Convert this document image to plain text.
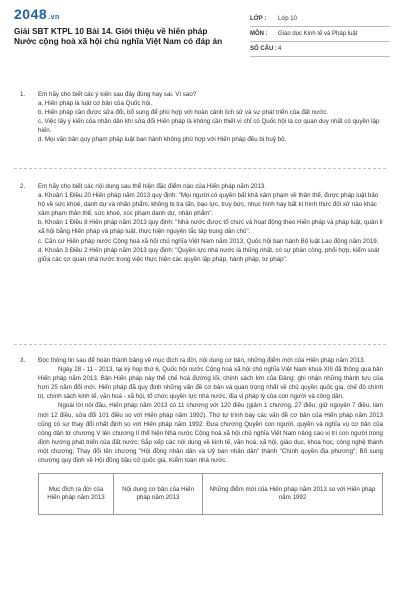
2048.vn
Giải SBT KTPL 10 Bài 14. Giới thiệu về hiến pháp Nước cộng hoà xã hội chủ nghĩa Việt Nam có đáp án
LỚP :	Lớp 10
MÔN :	Giáo dục Kinh tế và Pháp luật
SỐ CÂU : 4
1. Em hãy cho biết các ý kiến sau đây đúng hay sai. Vì sao?

a. Hiến pháp là luật cơ bản của Quốc hội.

b. Hiến pháp cần được sửa đổi, bổ sung để phù hợp với hoàn cảnh lịch sử và sự phát triển của đất nước.

c. Việc lấy ý kiến của nhân dân khi sửa đổi Hiến pháp là không cần thiết vì chỉ có Quốc hội là cơ quan duy nhất có quyền lập hiến.

d. Mọi văn bản quy phạm pháp luật ban hành không phù hợp với Hiến pháp đều bị huỷ bỏ.

2. Em hãy cho biết các nội dung sau thể hiện đặc điểm nào của Hiến pháp năm 2013.

a. Khoản 1 Điều 20 Hiến pháp năm 2013 quy định: "Mọi người có quyền bất khả xâm phạm về thân thể, được pháp luật bảo hộ về sức khoẻ, danh dự và nhân phẩm, không bị tra tấn, bạo lực, truy bức, nhục hình hay bất kì hình thức đối xử nào khác xâm phạm thân thể, sức khoẻ, xúc phạm danh dự, nhân phẩm".

b. Khoản 1 Điều 8 Hiến pháp năm 2013 quy định: "Nhà nước được tổ chức và hoạt động theo Hiến pháp và pháp luật, quản lí xã hội bằng Hiến pháp và pháp luật, thực hiện nguyên tắc tập trung dân chủ".

c. Căn cứ Hiến pháp nước Cộng hoà xã hội chủ nghĩa Việt Nam năm 2013, Quốc hội ban hành Bộ luật Lao động năm 2019.

d. Khoản 3 Điều 2 Hiến pháp năm 2013 quy định: "Quyền lực nhà nước là thống nhất, có sự phân công, phối hợp, kiểm soát giữa các cơ quan nhà nước trong việc thực hiện các quyền lập pháp, hành pháp, tư pháp".

3. Đọc thông tin sau để hoàn thành bảng về mục đích ra đời, nội dung cơ bản, những điểm mới của Hiến pháp năm 2013.

Ngày 28 - 11 - 2013, tại kỳ họp thứ 6, Quốc hội nước Cộng hoà xã hội chủ nghĩa Việt Nam khoá XIII đã thông qua bản Hiến pháp năm 2013. Bản Hiến pháp này thể chế hoá đường lối, chính sách lớn của Đảng; ghi nhận những thành tựu của hơn 25 năm đổi mới. Hiến pháp đã quy định những vấn đề cơ bản và quan trọng nhất về chủ quyền quốc gia, chế độ chính trị, chính sách kinh tế, văn hoá - xã hội, tổ chức quyền lực nhà nước, địa vị pháp lý của con người và công dân.

Ngoài lời nói đầu, Hiến pháp năm 2013 có 11 chương với 120 điều (giảm 1 chương, 27 điều; giữ nguyên 7 điều, làm mới 12 điều, sửa đổi 101 điều so với Hiến pháp năm 1992). Thứ tự trình bày các vấn đề cơ bản của Hiến pháp năm 2013 cũng có sự thay đổi nhất định so với Hiến pháp năm 1992: Đưa chương Quyền con người, quyền và nghĩa vụ cơ bản của công dân từ chương V lên chương II thể hiện Nhà nước Cộng hoà xã hội chủ nghĩa Việt Nam nâng cao vị trí con người trong định hướng phát triển của đất nước; Sắp xếp các nội dung về kinh tế, văn hoá, xã hội, giáo dục, khoa học, công nghệ thành một chương; Thay đổi tên chương "Hội đồng nhân dân và Uỷ ban nhân dân" thành "Chính quyền địa phương"; Bổ sung chương quy định về Hội đồng bầu cử quốc gia, Kiểm toán nhà nước.

Mục đích ra đời của Hiến pháp năm 2013	Nội dung cơ bản của Hiến pháp năm 2013	Những điểm mới của Hiến pháp năm 2013 so với Hiến pháp năm 1992
